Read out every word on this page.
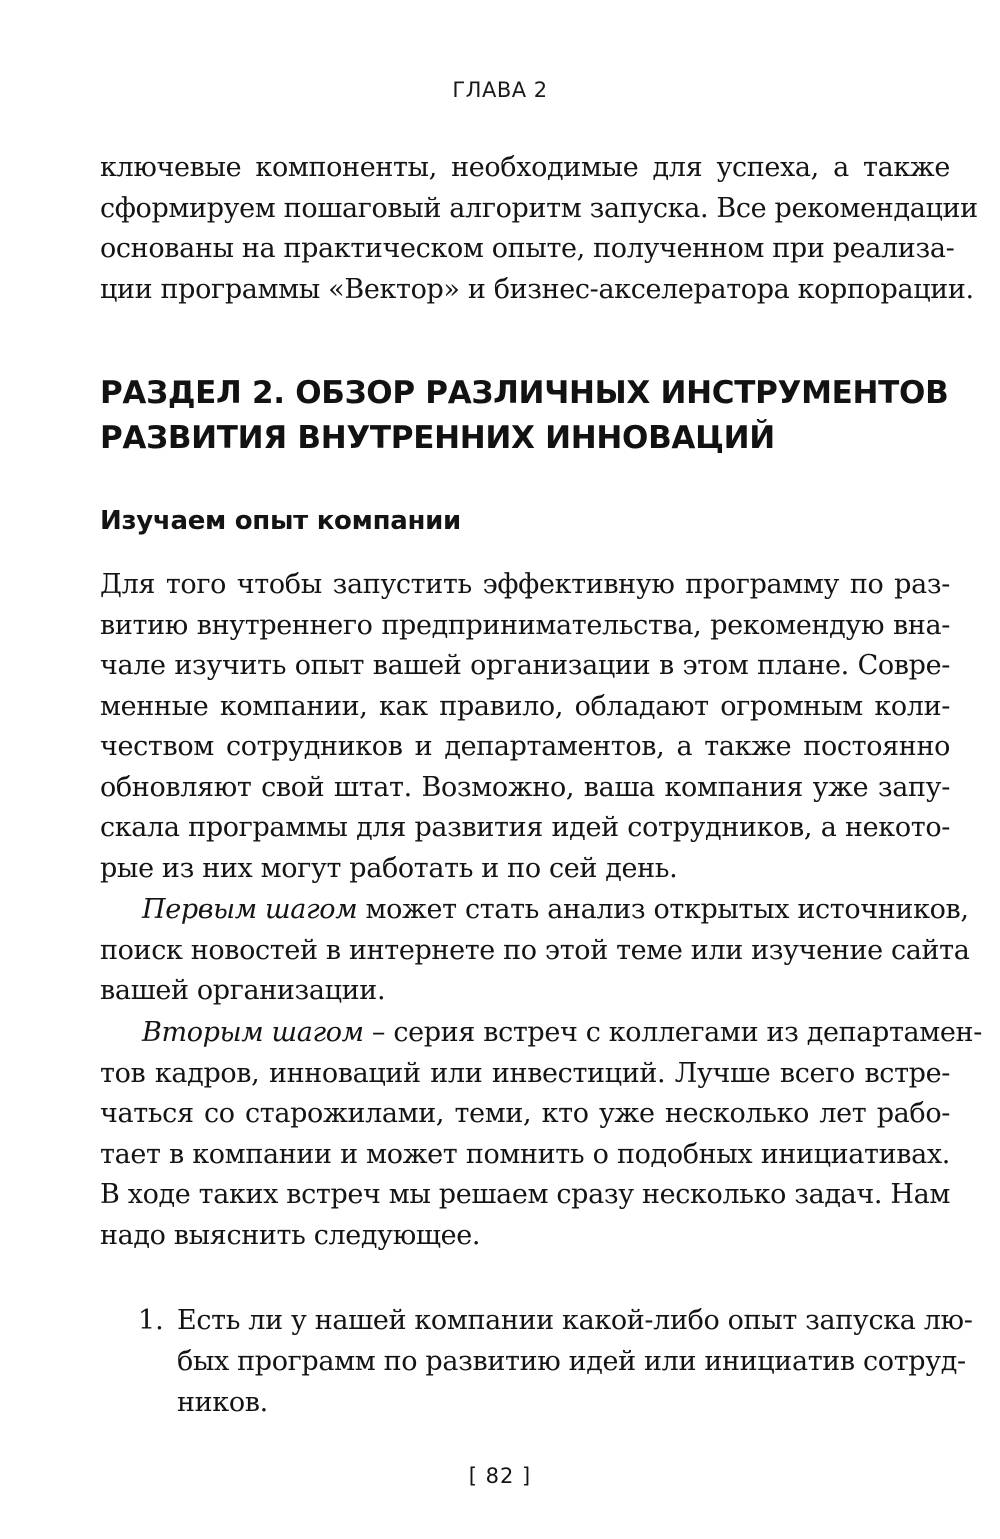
ГЛАВА 2
ключевые компоненты, необходимые для успеха, а также
сформируем пошаговый алгоритм запуска. Все рекомендации
основаны на практическом опыте, полученном при реализа-
ции программы «Вектор» и бизнес-акселератора корпорации.
РАЗДЕЛ 2. ОБЗОР РАЗЛИЧНЫХ ИНСТРУМЕНТОВ
РАЗВИТИЯ ВНУТРЕННИХ ИННОВАЦИЙ
Изучаем опыт компании
Для того чтобы запустить эффективную программу по раз-
витию внутреннего предпринимательства, рекомендую вна-
чале изучить опыт вашей организации в этом плане. Совре-
менные компании, как правило, обладают огромным коли-
чеством сотрудников и департаментов, а также постоянно
обновляют свой штат. Возможно, ваша компания уже запу-
скала программы для развития идей сотрудников, а некото-
рые из них могут работать и по сей день.
Первым шагом может стать анализ открытых источников,
поиск новостей в интернете по этой теме или изучение сайта
вашей организации.
Вторым шагом – серия встреч с коллегами из департамен-
тов кадров, инноваций или инвестиций. Лучше всего встре-
чаться со старожилами, теми, кто уже несколько лет рабо-
тает в компании и может помнить о подобных инициативах.
В ходе таких встреч мы решаем сразу несколько задач. Нам
надо выяснить следующее.
1. Есть ли у нашей компании какой-либо опыт запуска лю-
бых программ по развитию идей или инициатив сотруд-
ников.
[ 82 ]
